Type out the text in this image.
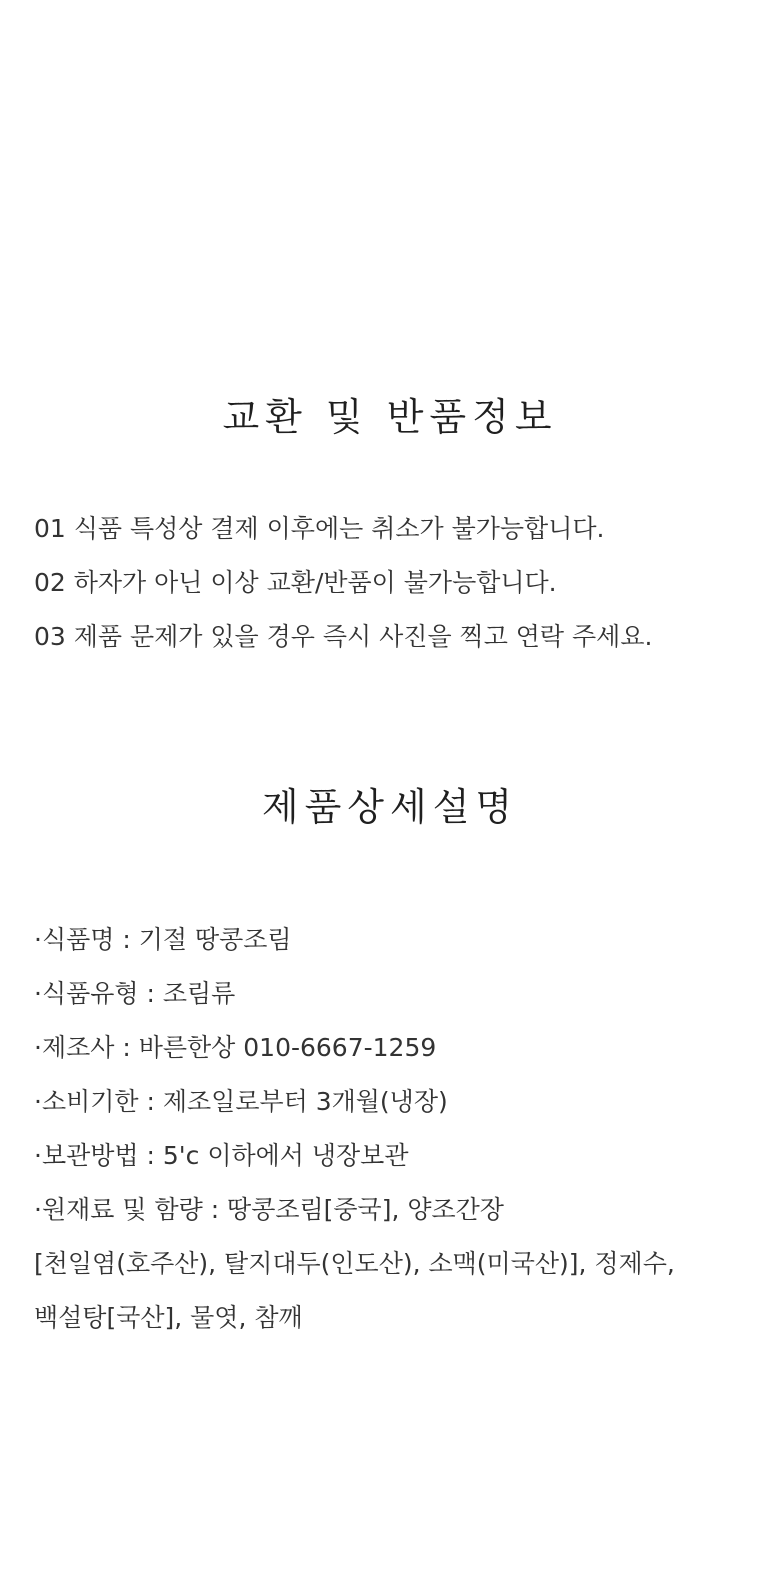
교환 및 반품정보
01 식품 특성상 결제 이후에는 취소가 불가능합니다.
02 하자가 아닌 이상 교환/반품이 불가능합니다.
03 제품 문제가 있을 경우 즉시 사진을 찍고 연락 주세요.
제품상세설명
·식품명 : 기절 땅콩조림
·식품유형 : 조림류
·제조사 : 바른한상 010-6667-1259
·소비기한 : 제조일로부터 3개월(냉장)
·보관방법 : 5'c 이하에서 냉장보관
·원재료 및 함량 : 땅콩조림[중국], 양조간장
[천일염(호주산), 탈지대두(인도산), 소맥(미국산)], 정제수,
백설탕[국산], 물엿, 참깨
